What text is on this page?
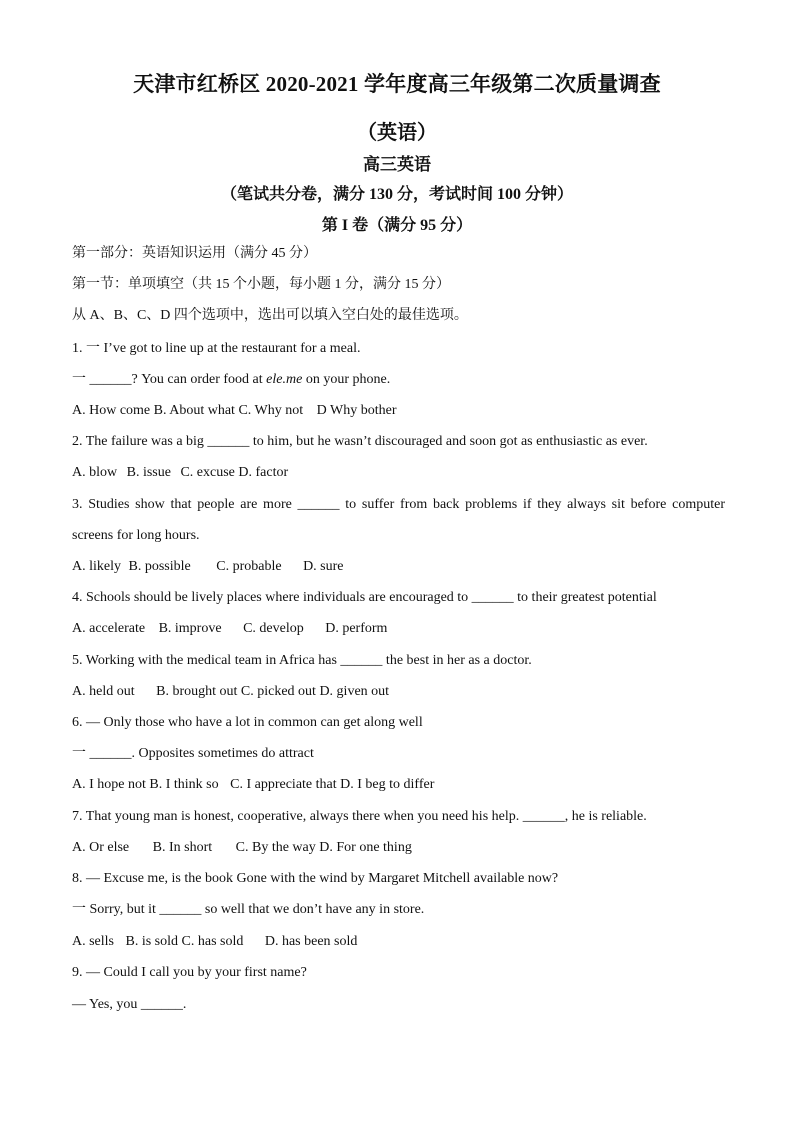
天津市红桥区 2020-2021 学年度高三年级第二次质量调查
（英语）
高三英语
（笔试共分卷，满分 130 分，考试时间 100 分钟）
第 I 卷（满分 95 分）
第一部分：英语知识运用（满分 45 分）
第一节：单项填空（共 15 个小题，每小题 1 分，满分 15 分）
从 A、B、C、D 四个选项中，选出可以填入空白处的最佳选项。
1. 一 I’ve got to line up at the restaurant for a meal.
一 ______? You can order food at ele.me on your phone.
A. How come B. About what C. Why not D Why bother
2. The failure was a big ______ to him, but he wasn’t discouraged and soon got as enthusiastic as ever.
A. blow B. issue C. excuse D. factor
3. Studies show that people are more ______ to suffer from back problems if they always sit before computer
screens for long hours.
A. likely B. possible C. probable D. sure
4. Schools should be lively places where individuals are encouraged to ______ to their greatest potential
A. accelerate B. improve C. develop D. perform
5. Working with the medical team in Africa has ______ the best in her as a doctor.
A. held out B. brought out C. picked out D. given out
6. — Only those who have a lot in common can get along well
一 ______. Opposites sometimes do attract
A. I hope not B. I think so C. I appreciate that D. I beg to differ
7. That young man is honest, cooperative, always there when you need his help. ______, he is reliable.
A. Or else B. In short C. By the way D. For one thing
8. — Excuse me, is the book Gone with the wind by Margaret Mitchell available now?
一 Sorry, but it ______ so well that we don’t have any in store.
A. sells B. is sold C. has sold D. has been sold
9. — Could I call you by your first name?
— Yes, you ______.
